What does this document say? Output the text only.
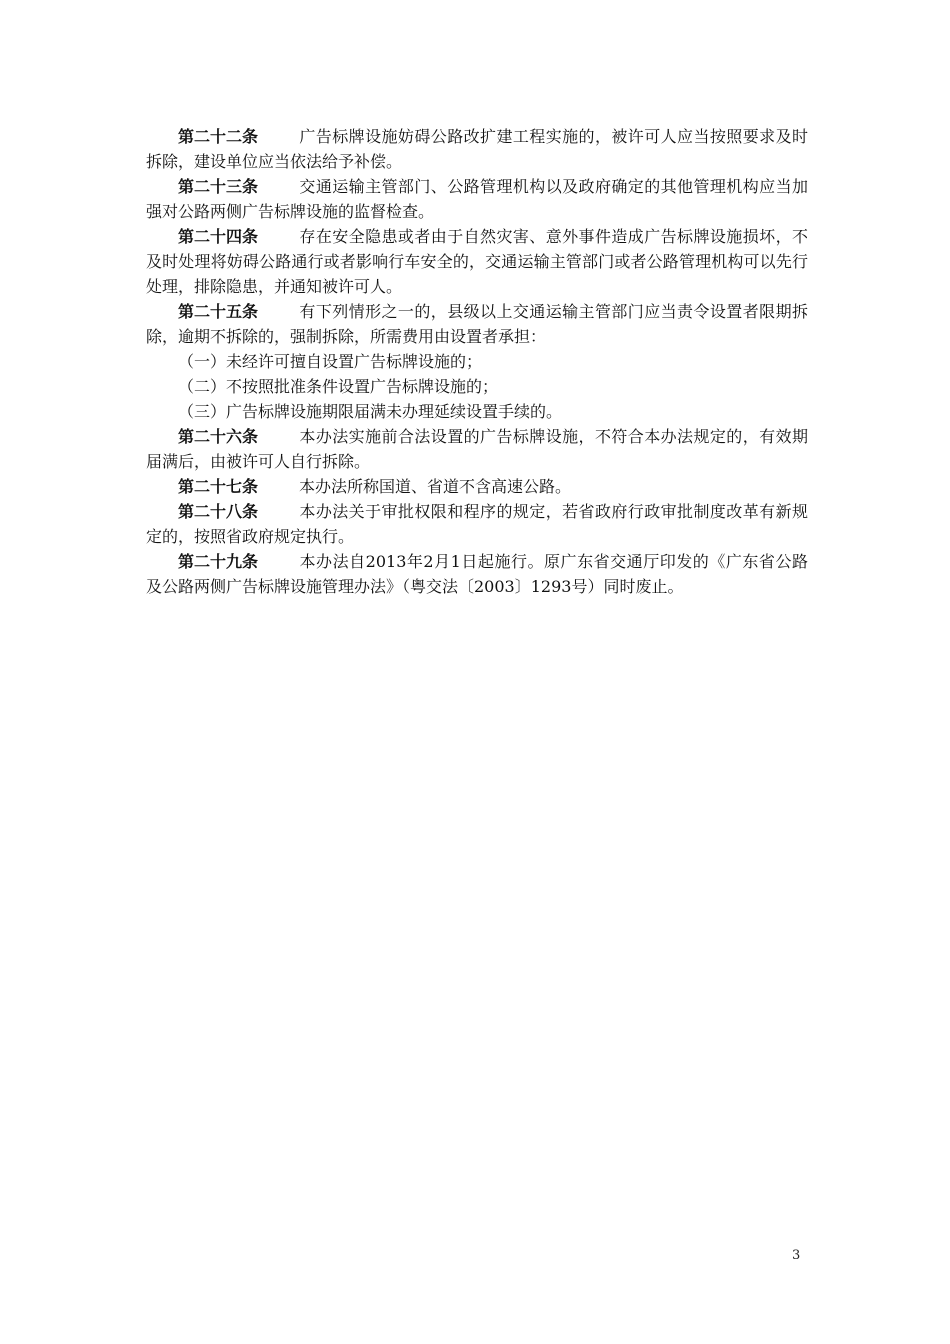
第二十二条	广告标牌设施妨碍公路改扩建工程实施的，被许可人应当按照要求及时拆除，建设单位应当依法给予补偿。

第二十三条	交通运输主管部门、公路管理机构以及政府确定的其他管理机构应当加强对公路两侧广告标牌设施的监督检查。

第二十四条	存在安全隐患或者由于自然灾害、意外事件造成广告标牌设施损坏，不及时处理将妨碍公路通行或者影响行车安全的，交通运输主管部门或者公路管理机构可以先行处理，排除隐患，并通知被许可人。

第二十五条	有下列情形之一的，县级以上交通运输主管部门应当责令设置者限期拆除，逾期不拆除的，强制拆除，所需费用由设置者承担：

（一）未经许可擅自设置广告标牌设施的；

（二）不按照批准条件设置广告标牌设施的；

（三）广告标牌设施期限届满未办理延续设置手续的。

第二十六条	本办法实施前合法设置的广告标牌设施，不符合本办法规定的，有效期届满后，由被许可人自行拆除。

第二十七条	本办法所称国道、省道不含高速公路。

第二十八条	本办法关于审批权限和程序的规定，若省政府行政审批制度改革有新规定的，按照省政府规定执行。

第二十九条	本办法自2013年2月1日起施行。原广东省交通厅印发的《广东省公路及公路两侧广告标牌设施管理办法》（粤交法〔2003〕1293号）同时废止。

3
